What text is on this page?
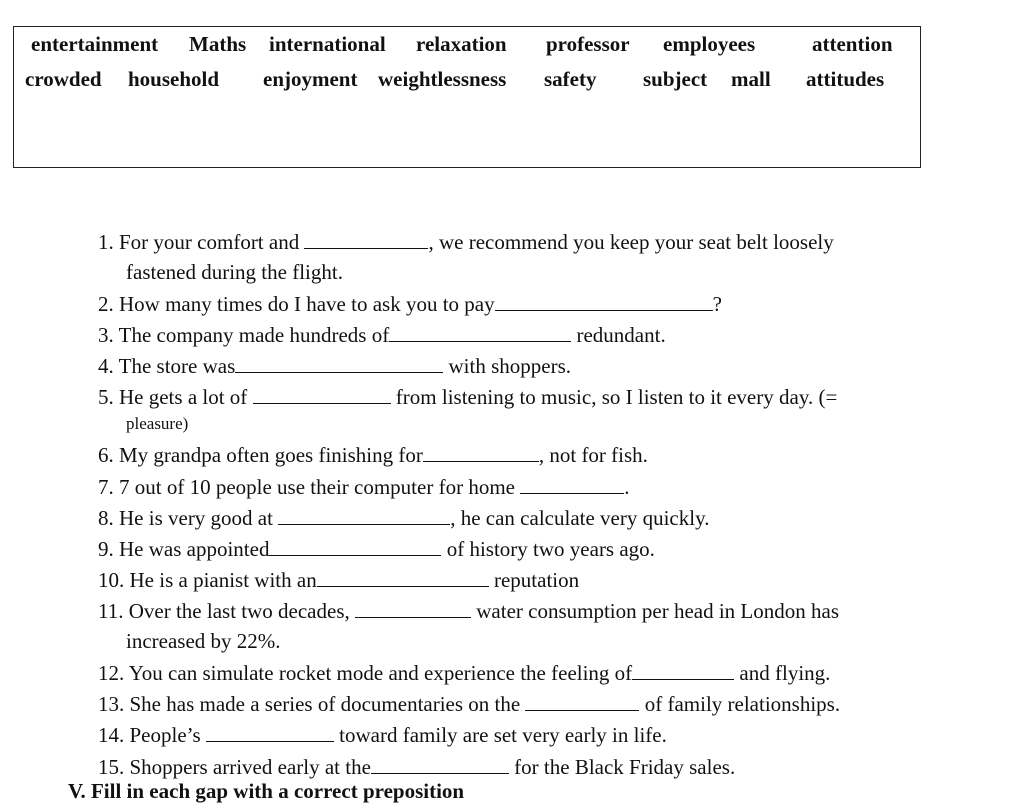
entertainment Maths international relaxation professor employees	attention
crowded household enjoyment weightlessness safety subject mall attitudes
1. For your comfort and	, we recommend you keep your seat belt loosely
fastened during the flight.
2. How many times do I have to ask you to pay	?
3. The company made hundreds of	redundant.
4. The store was	with shoppers.
5. He gets a lot of	from listening to music, so I listen to it every day. (=
pleasure)
6. My grandpa often goes finishing for	, not for fish.
7. 7 out of 10 people use their computer for home	.
8. He is very good at	, he can calculate very quickly.
9. He was appointed	of history two years ago.
10. He is a pianist with an	reputation
11. Over the last two decades,	water consumption per head in London has
increased by 22%.
12. You can simulate rocket mode and experience the feeling of	and flying.
13. She has made a series of documentaries on the	of family relationships.
14. People’s	toward family are set very early in life.
15. Shoppers arrived early at the	for the Black Friday sales.
V. Fill in each gap with a correct preposition
